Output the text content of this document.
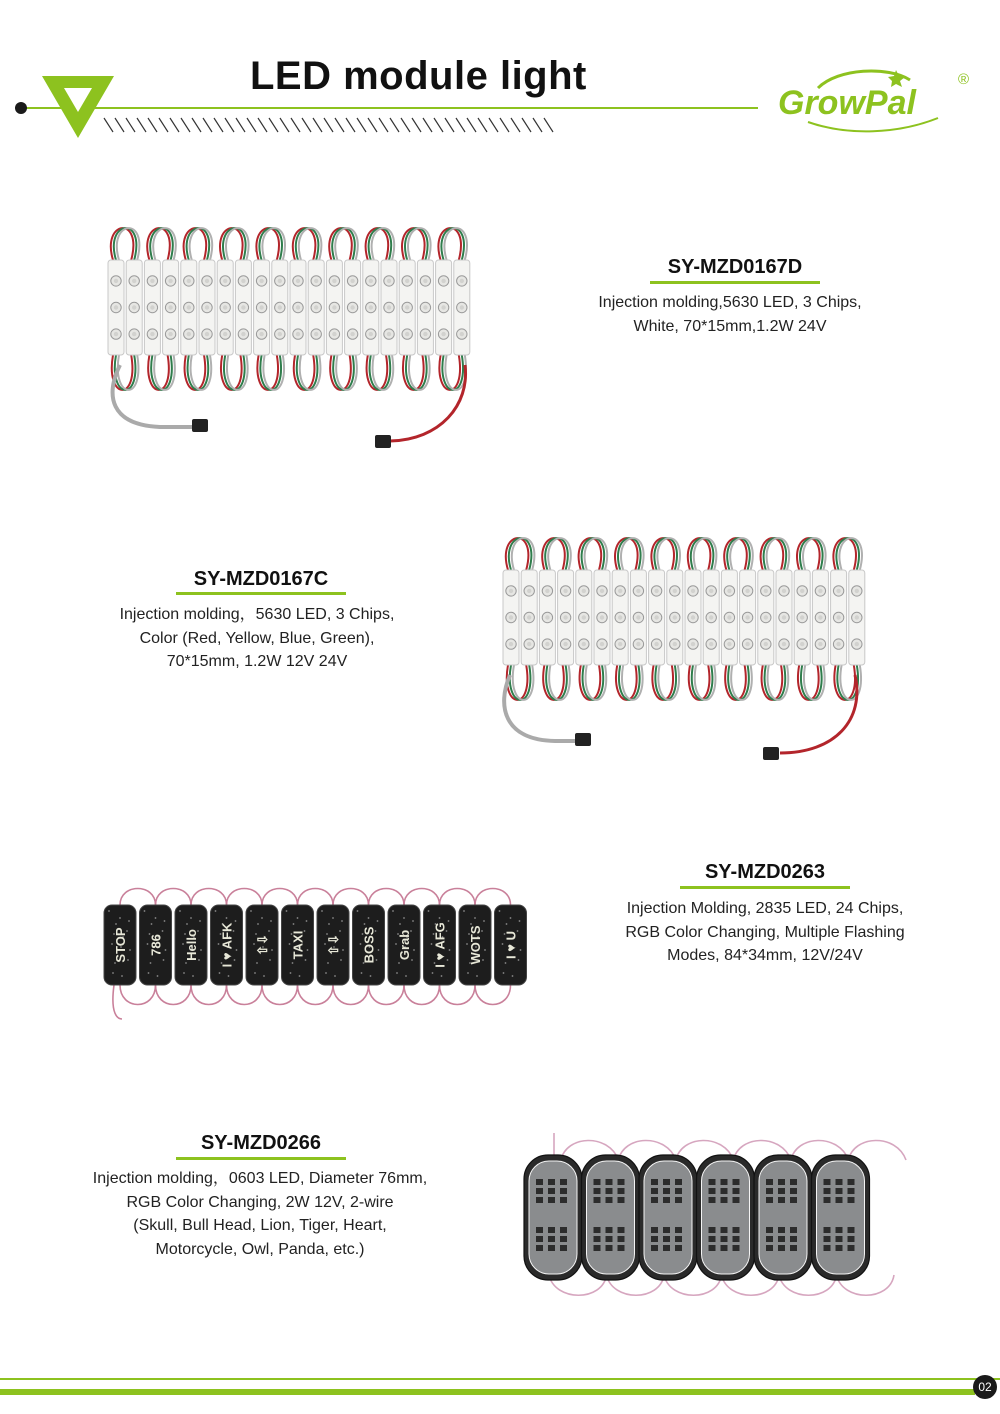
LED module light
GrowPal
®
SY-MZD0167D
Injection molding,5630 LED, 3 Chips,
White, 70*15mm,1.2W 24V
SY-MZD0167C
Injection molding，5630 LED, 3 Chips,
Color (Red, Yellow, Blue, Green),
70*15mm, 1.2W 12V 24V
STOP 786 Hello I ♥ AFK ⇧⇩ TAXI ⇧⇩ BOSS Grab I ♥ AFG WOTS I ♥ U
SY-MZD0263
Injection Molding, 2835 LED, 24 Chips,
RGB Color Changing, Multiple Flashing
Modes, 84*34mm, 12V/24V
SY-MZD0266
Injection molding，0603 LED, Diameter 76mm,
RGB Color Changing, 2W 12V, 2-wire
(Skull, Bull Head, Lion, Tiger, Heart,
Motorcycle, Owl, Panda, etc.)
02
